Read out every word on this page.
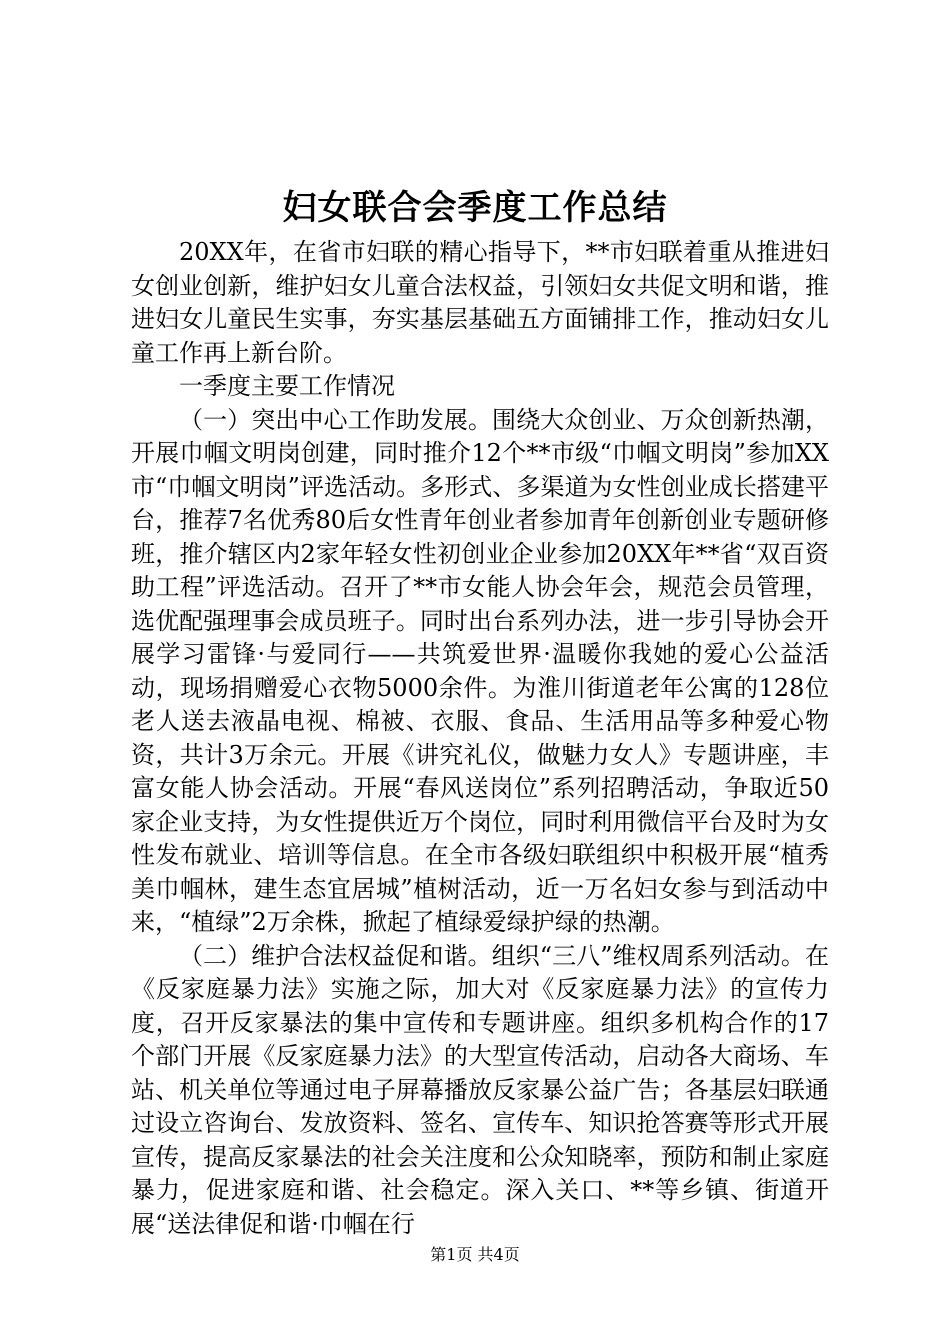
妇女联合会季度工作总结

20XX年，在省市妇联的精心指导下，**市妇联着重从推进妇女创业创新，维护妇女儿童合法权益，引领妇女共促文明和谐，推进妇女儿童民生实事，夯实基层基础五方面铺排工作，推动妇女儿童工作再上新台阶。

一季度主要工作情况

（一）突出中心工作助发展。围绕大众创业、万众创新热潮，开展巾帼文明岗创建，同时推介12个**市级“巾帼文明岗”参加XX市“巾帼文明岗”评选活动。多形式、多渠道为女性创业成长搭建平台，推荐7名优秀80后女性青年创业者参加青年创新创业专题研修班，推介辖区内2家年轻女性初创业企业参加20XX年**省“双百资助工程”评选活动。召开了**市女能人协会年会，规范会员管理，选优配强理事会成员班子。同时出台系列办法，进一步引导协会开展学习雷锋·与爱同行——共筑爱世界·温暖你我她的爱心公益活动，现场捐赠爱心衣物5000余件。为淮川街道老年公寓的128位老人送去液晶电视、棉被、衣服、食品、生活用品等多种爱心物资，共计3万余元。开展《讲究礼仪，做魅力女人》专题讲座，丰富女能人协会活动。开展“春风送岗位”系列招聘活动，争取近50家企业支持，为女性提供近万个岗位，同时利用微信平台及时为女性发布就业、培训等信息。在全市各级妇联组织中积极开展“植秀美巾帼林，建生态宜居城”植树活动，近一万名妇女参与到活动中来，“植绿”2万余株，掀起了植绿爱绿护绿的热潮。

（二）维护合法权益促和谐。组织“三八”维权周系列活动。在《反家庭暴力法》实施之际，加大对《反家庭暴力法》的宣传力度，召开反家暴法的集中宣传和专题讲座。组织多机构合作的17个部门开展《反家庭暴力法》的大型宣传活动，启动各大商场、车站、机关单位等通过电子屏幕播放反家暴公益广告；各基层妇联通过设立咨询台、发放资料、签名、宣传车、知识抢答赛等形式开展宣传，提高反家暴法的社会关注度和公众知晓率，预防和制止家庭暴力，促进家庭和谐、社会稳定。深入关口、**等乡镇、街道开展“送法律促和谐·巾帼在行

第1页 共4页
